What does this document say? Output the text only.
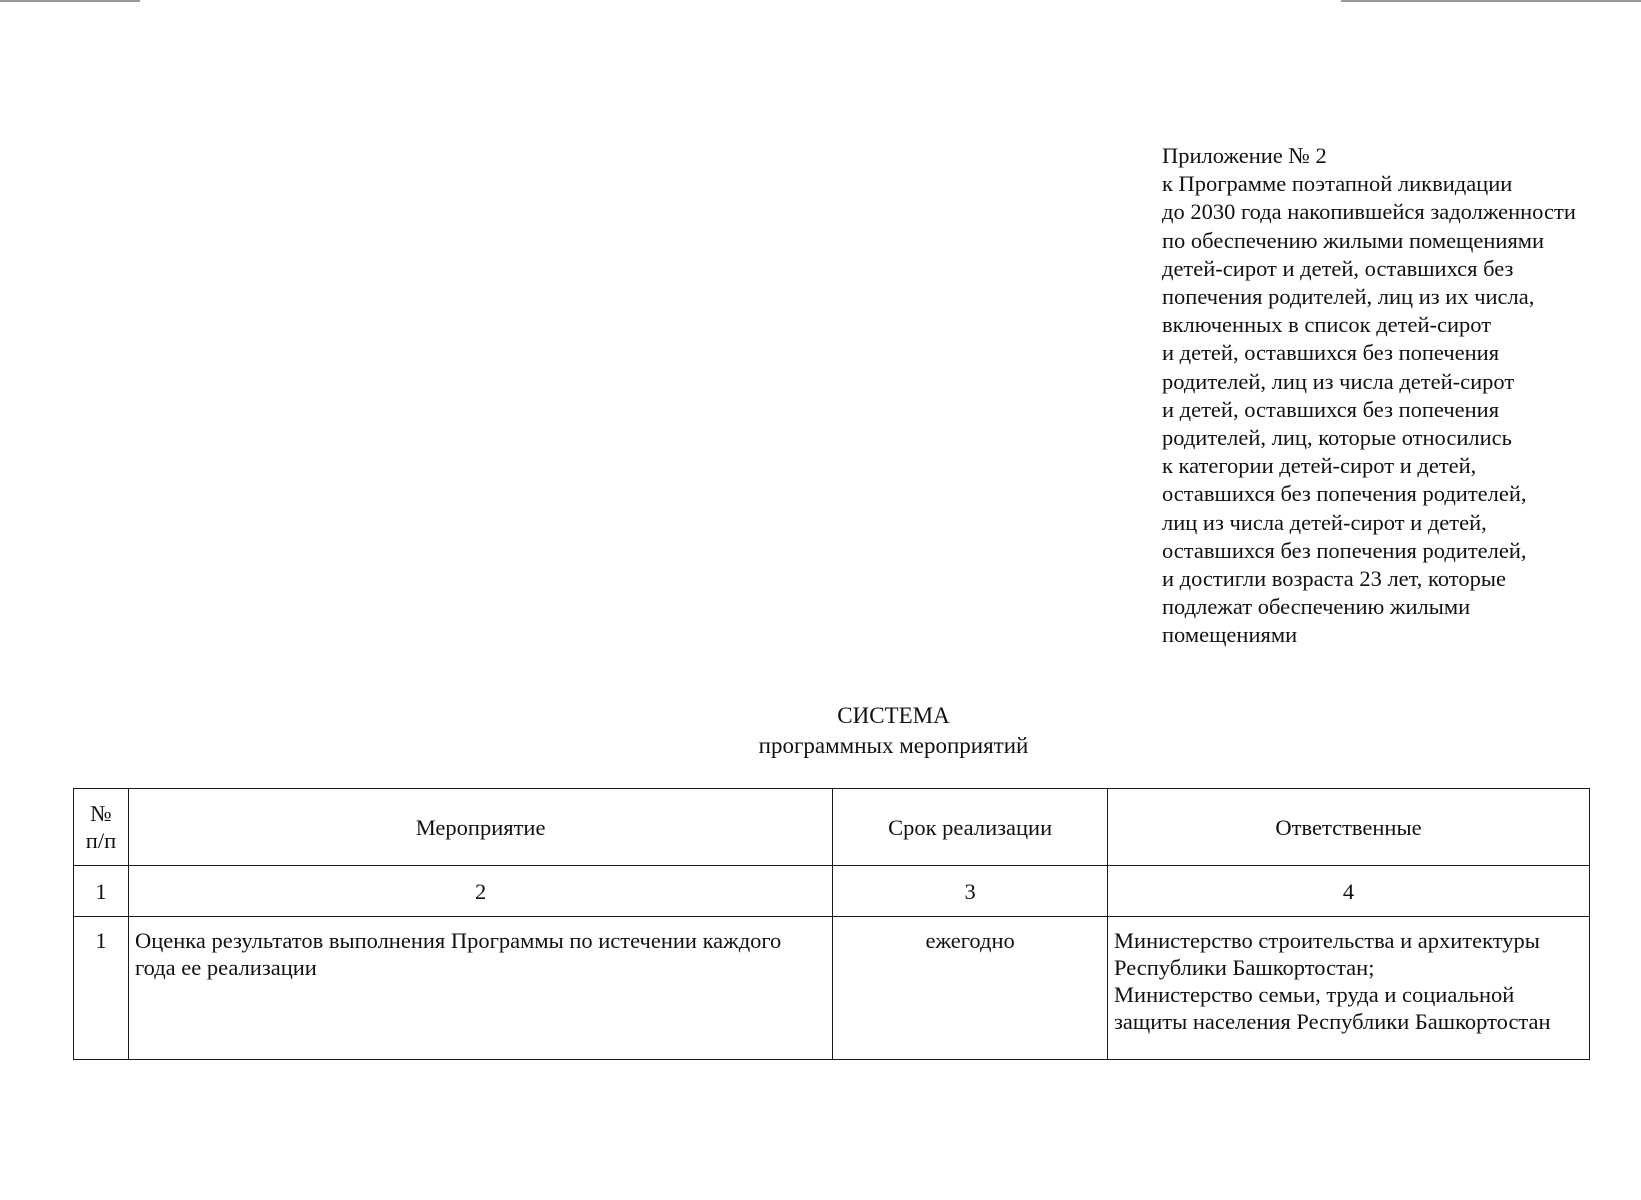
Приложение № 2
к Программе поэтапной ликвидации
до 2030 года накопившейся задолженности
по обеспечению жилыми помещениями
детей-сирот и детей, оставшихся без
попечения родителей, лиц из их числа,
включенных в список детей-сирот
и детей, оставшихся без попечения
родителей, лиц из числа детей-сирот
и детей, оставшихся без попечения
родителей, лиц, которые относились
к категории детей-сирот и детей,
оставшихся без попечения родителей,
лиц из числа детей-сирот и детей,
оставшихся без попечения родителей,
и достигли возраста 23 лет, которые
подлежат обеспечению жилыми
помещениями
СИСТЕМА
программных мероприятий
№
п/п	Мероприятие	Срок реализации	Ответственные
1	2	3	4
1	Оценка результатов выполнения Программы по истечении каждого года ее реализации	ежегодно	Министерство строительства и архитектуры
Республики Башкортостан;
Министерство семьи, труда и социальной
защиты населения Республики Башкортостан
